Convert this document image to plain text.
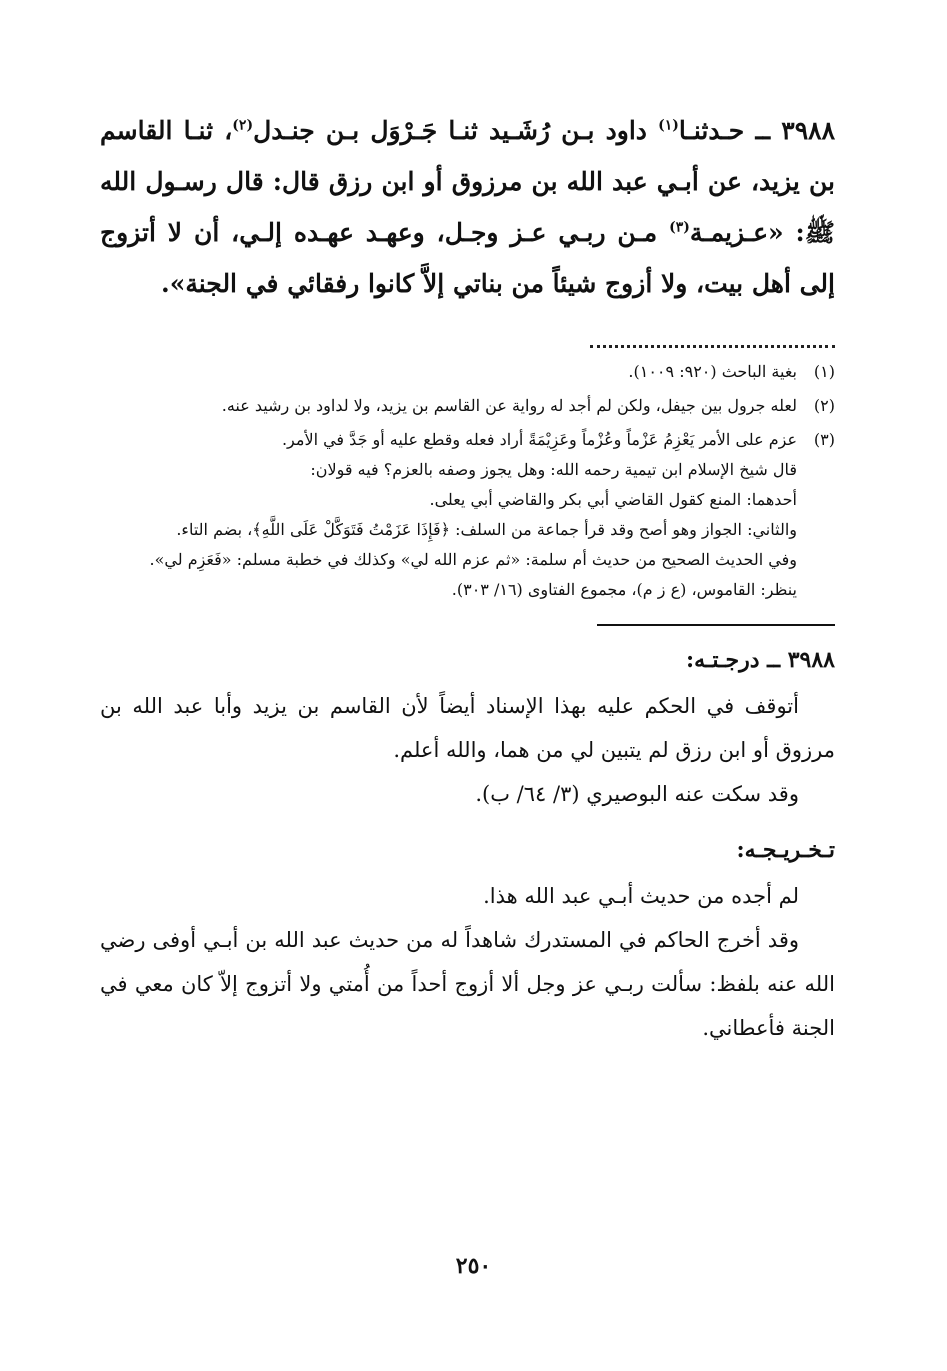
٣٩٨٨ ــ حـدثنـا$^{(١)}$ داود بـن رُشَـيد ثنـا جَـرْوَل بـن جنـدل$^{(٢)}$، ثنـا القاسم بن يزيد، عن أبـي عبد الله بن مرزوق أو ابن رزق قال: قال رسـول الله ﷺ: «عـزيمـة$^{(٣)}$ مـن ربـي عـز وجـل، وعهـد عهـده إلـي، أن لا أتزوج إلى أهل بيت، ولا أزوج شيئاً من بناتي إلاَّ كانوا رفقائي في الجنة».

(١)

بغية الباحث (٩٢٠: ١٠٠٩).

(٢)

لعله جرول بين جيفل، ولكن لم أجد له رواية عن القاسم بن يزيد، ولا لداود بن رشيد عنه.

(٣)

عزم على الأمر يَعْزِمُ عَزْماً وعُزْماً وعَزِيْمَةً أراد فعله وقطع عليه أو جَدَّ في الأمر.

قال شيخ الإسلام ابن تيمية رحمه الله: وهل يجوز وصفه بالعزم؟ فيه قولان:

أحدهما: المنع كقول القاضي أبي بكر والقاضي أبي يعلى.

والثاني: الجواز وهو أصح وقد قرأ جماعة من السلف: ﴿فَإِذَا عَزَمْتُ فَتَوَكَّلْ عَلَى اللَّهِ﴾، بضم التاء.

وفي الحديث الصحيح من حديث أم سلمة: «ثم عزم الله لي» وكذلك في خطبة مسلم: «فَعَزِم لي».

ينظر: القاموس، (ع ز م)، مجموع الفتاوى (١٦/ ٣٠٣).

٣٩٨٨ ــ درجـتـه:

أتوقف في الحكم عليه بهذا الإسناد أيضاً لأن القاسم بن يزيد وأبا عبد الله بن مرزوق أو ابن رزق لم يتبين لي من هما، والله أعلم.

وقد سكت عنه البوصيري (٣/ ٦٤/ ب).

تـخـريـجـه:

لم أجده من حديث أبـي عبد الله هذا.

وقد أخرج الحاكم في المستدرك شاهداً له من حديث عبد الله بن أبـي أوفى رضي الله عنه بلفظ: سألت ربـي عز وجل ألا أزوج أحداً من أُمتي ولا أتزوج إلاّ كان معي في الجنة فأعطاني.

٢٥٠
